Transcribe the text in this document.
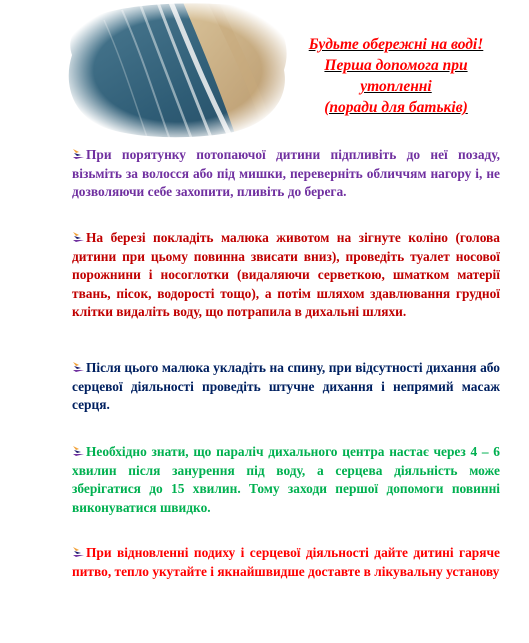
Будьте обережні на воді!
Перша допомога при
утопленні
(поради для батьків)
При порятунку потопаючої дитини підпливіть до неї позаду, візьміть за волосся або під мишки, переверніть обличчям нагору і, не дозволяючи себе захопити, пливіть до берега.
На березі покладіть малюка животом на зігнуте коліно (голова дитини при цьому повинна звисати вниз), проведіть туалет носової порожнини і носоглотки (видаляючи серветкою, шматком матерії твань, пісок, водорості тощо), а потім шляхом здавлювання грудної клітки видаліть воду, що потрапила в дихальні шляхи.
Після цього малюка укладіть на спину, при відсутності дихання або серцевої діяльності проведіть штучне дихання і непрямий масаж серця.
Необхідно знати, що параліч дихального центра настає через 4 – 6 хвилин після занурення під воду, а серцева діяльність може зберігатися до 15 хвилин. Тому заходи першої допомоги повинні виконуватися швидко.
При відновленні подиху і серцевої діяльності дайте дитині гаряче питво, тепло укутайте і якнайшвидше доставте в лікувальну установу
